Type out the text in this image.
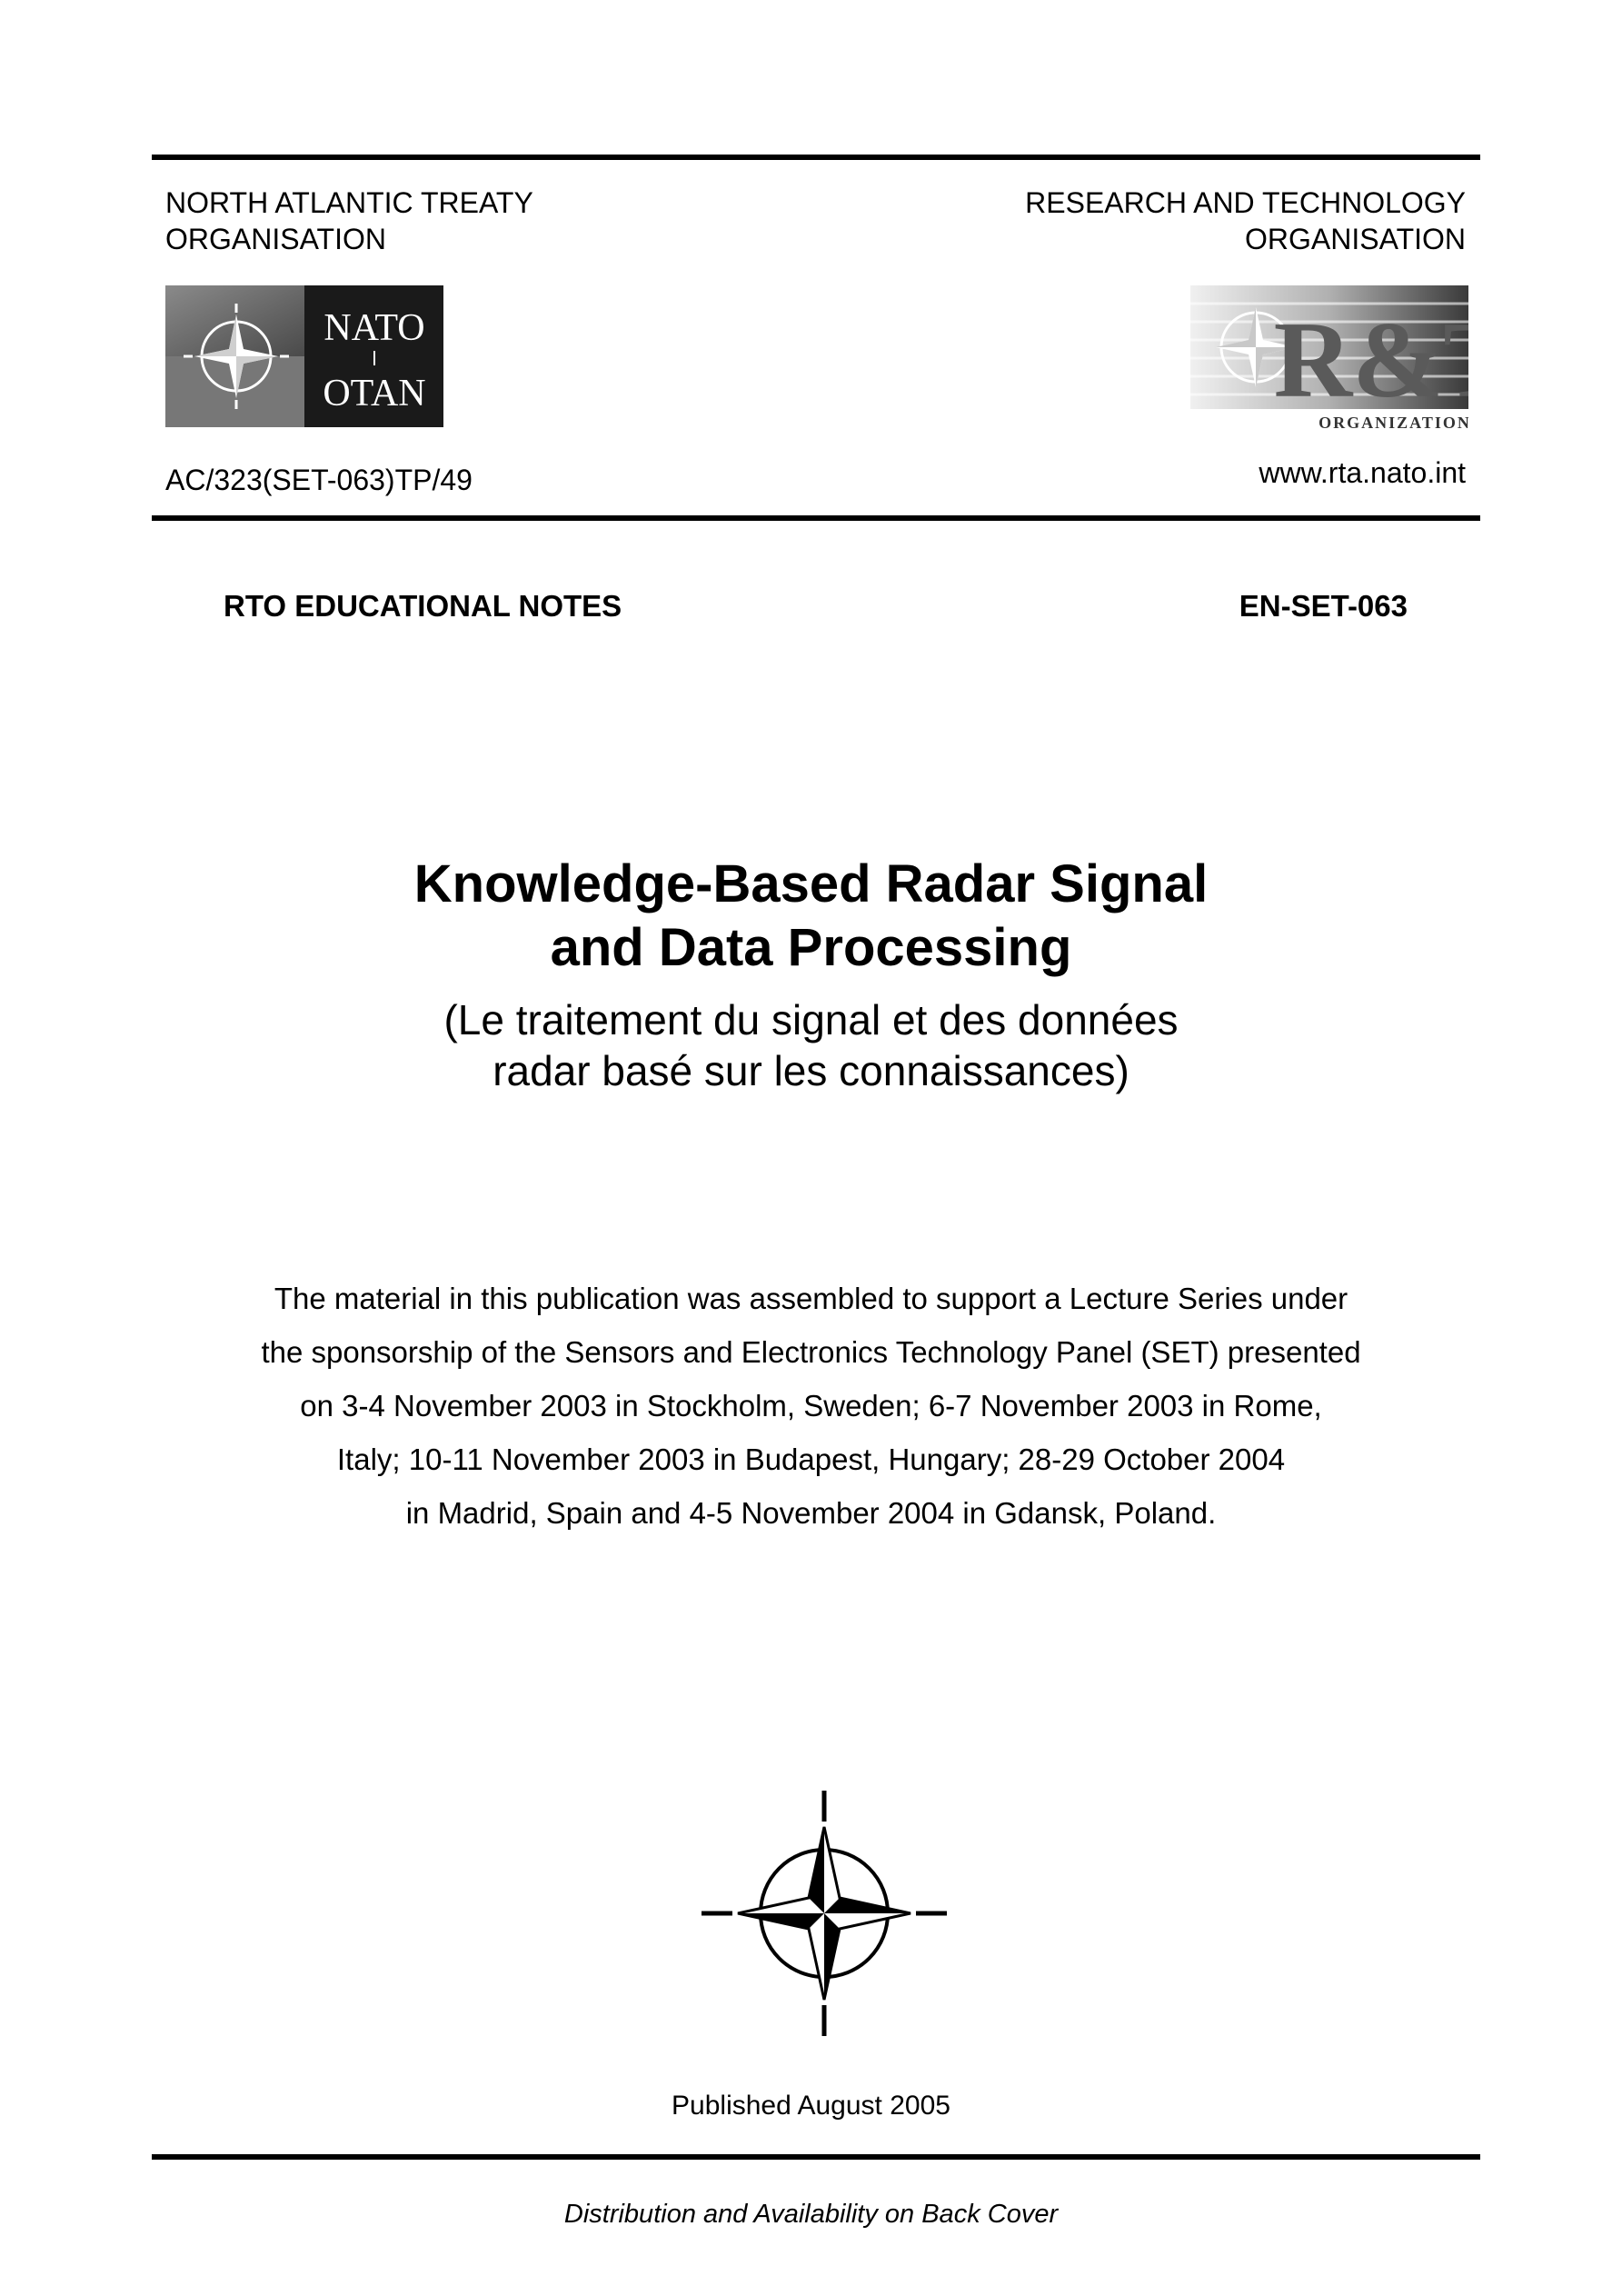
NORTH ATLANTIC TREATY
ORGANISATION
RESEARCH AND TECHNOLOGY
ORGANISATION
NATO
OTAN	R&
ORGANIZATION
AC/323(SET-063)TP/49	www.rta.nato.int
RTO EDUCATIONAL NOTES	EN-SET-063
Knowledge-Based Radar Signal
and Data Processing
(Le traitement du signal et des données
radar basé sur les connaissances)
The material in this publication was assembled to support a Lecture Series under
the sponsorship of the Sensors and Electronics Technology Panel (SET) presented
on 3-4 November 2003 in Stockholm, Sweden; 6-7 November 2003 in Rome,
Italy; 10-11 November 2003 in Budapest, Hungary; 28-29 October 2004
in Madrid, Spain and 4-5 November 2004 in Gdansk, Poland.
Published August 2005
Distribution and Availability on Back Cover
